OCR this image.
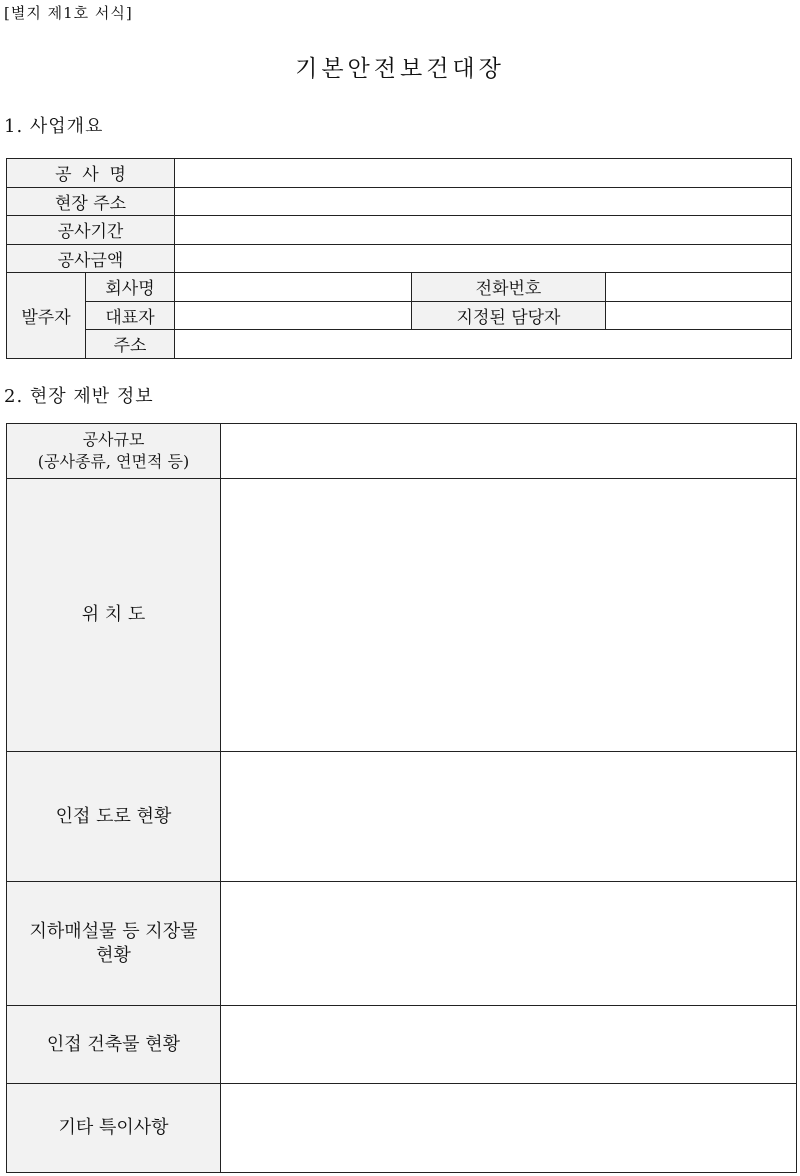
[별지 제1호 서식]
기본안전보건대장
1. 사업개요
공  사  명				
현장 주소				
공사기간				
공사금액				
발주자	회사명		전화번호	
	대표자		지정된 담당자	
	주소			
2. 현장 제반 정보
공사규모
(공사종류, 연면적 등)	

위 치 도	
인접 도로 현황	

지하매설물 등 지장물
현황	

인접 건축물 현황	
기타 특이사항	
